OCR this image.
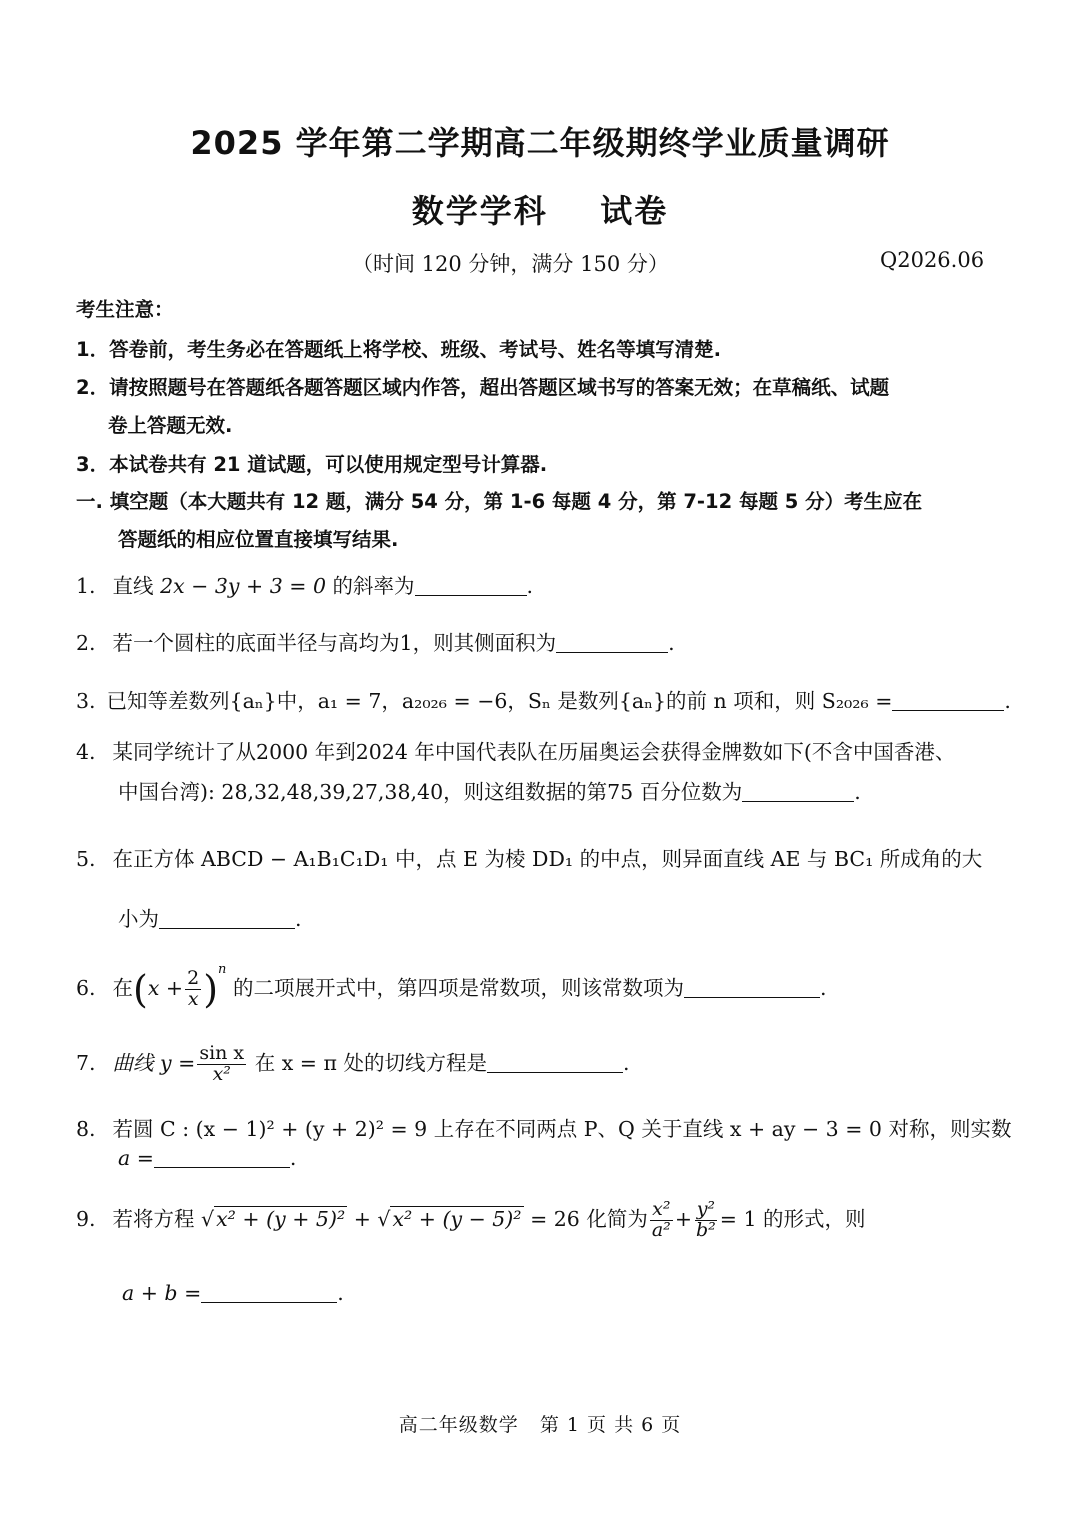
2025 学年第二学期高二年级期终学业质量调研
数学学科    试卷
（时间 120 分钟，满分 150 分）	Q2026.06
考生注意：
1．答卷前，考生务必在答题纸上将学校、班级、考试号、姓名等填写清楚.
2．请按照题号在答题纸各题答题区域内作答，超出答题区域书写的答案无效；在草稿纸、试题
卷上答题无效.
3．本试卷共有 21 道试题，可以使用规定型号计算器.
一. 填空题（本大题共有 12 题，满分 54 分，第 1-6 每题 4 分，第 7-12 每题 5 分）考生应在
答题纸的相应位置直接填写结果.
1. 直线 2x − 3y + 3 = 0 的斜率为	.
2. 若一个圆柱的底面半径与高均为1，则其侧面积为	.
3. 已知等差数列{aₙ}中，a₁ = 7，a₂₀₂₆ = −6，Sₙ 是数列{aₙ}的前 n 项和，则 S₂₀₂₆ =	.
4. 某同学统计了从2000 年到2024 年中国代表队在历届奥运会获得金牌数如下(不含中国香港、
中国台湾): 28,32,48,39,27,38,40，则这组数据的第75 百分位数为	.
5. 在正方体 ABCD − A₁B₁C₁D₁ 中，点 E 为棱 DD₁ 的中点，则异面直线 AE 与 BC₁ 所成角的大
小为	.
6. 在$(x + \frac{2}{x} )^n$ 的二项展开式中，第四项是常数项，则该常数项为	.
7. 曲线 $y = \frac{\text{sin x}}{\text{x²}}$ 在 x = π 处的切线方程是	.
8. 若圆 C : (x − 1)² + (y + 2)² = 9 上存在不同两点 P、Q 关于直线 x + ay − 3 = 0 对称，则实数
a =	.
9. 若将方程 √x² + (y + 5)² + √x² + (y − 5)² = 26 化简为 $\frac{\text{x²}}{\text{a²}} + \frac{\text{y²}}{\text{b²}} = 1$ 的形式，则
a + b =	.
高二年级数学   第 1 页 共 6 页
